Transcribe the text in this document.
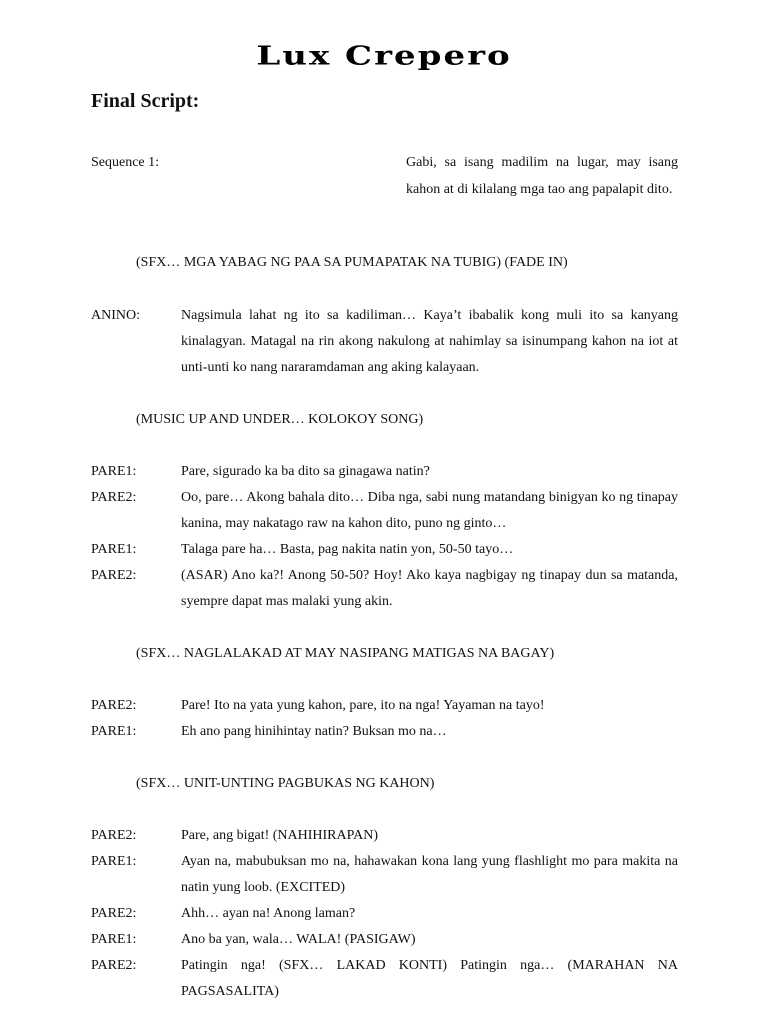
Lux Crepero
Final Script:
Sequence 1:	Gabi, sa isang madilim na lugar, may isang kahon at di kilalang mga tao ang papalapit dito.
(SFX… MGA YABAG NG PAA SA PUMAPATAK NA TUBIG) (FADE IN)
ANINO:	Nagsimula lahat ng ito sa kadiliman… Kaya’t ibabalik kong muli ito sa kanyang kinalagyan. Matagal na rin akong nakulong at nahimlay sa isinumpang kahon na iot at unti-unti ko nang nararamdaman ang aking kalayaan.
(MUSIC UP AND UNDER… KOLOKOY SONG)
PARE1:	Pare, sigurado ka ba dito sa ginagawa natin?
PARE2:	Oo, pare… Akong bahala dito… Diba nga, sabi nung matandang binigyan ko ng tinapay kanina, may nakatago raw na kahon dito, puno ng ginto…
PARE1:	Talaga pare ha… Basta, pag nakita natin yon, 50-50 tayo…
PARE2:	(ASAR) Ano ka?! Anong 50-50? Hoy! Ako kaya nagbigay ng tinapay dun sa matanda, syempre dapat mas malaki yung akin.
(SFX… NAGLALAKAD AT MAY NASIPANG MATIGAS NA BAGAY)
PARE2:	Pare! Ito na yata yung kahon, pare, ito na nga! Yayaman na tayo!
PARE1:	Eh ano pang hinihintay natin? Buksan mo na…
(SFX… UNIT-UNTING PAGBUKAS NG KAHON)
PARE2:	Pare, ang bigat! (NAHIHIRAPAN)
PARE1:	Ayan na, mabubuksan mo na, hahawakan kona lang yung flashlight mo para makita na natin yung loob. (EXCITED)
PARE2:	Ahh… ayan na! Anong laman?
PARE1:	Ano ba yan, wala… WALA! (PASIGAW)
PARE2:	Patingin nga! (SFX… LAKAD KONTI) Patingin nga… (MARAHAN NA PAGSASALITA)
